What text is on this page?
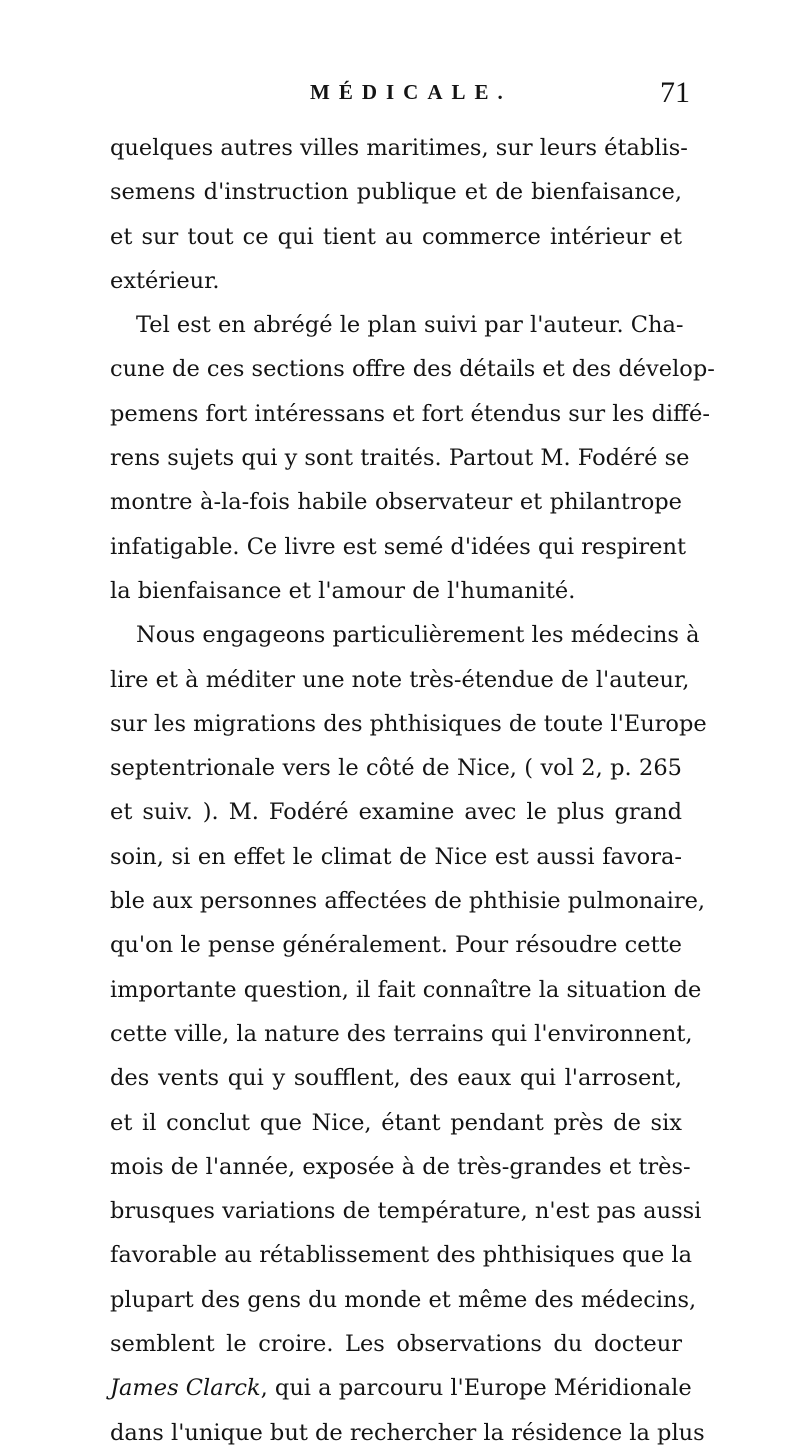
MÉDICALE.	71
quelques autres villes maritimes, sur leurs établis-
semens d'instruction publique et de bienfaisance,
et sur tout ce qui tient au commerce intérieur et
extérieur.
Tel est en abrégé le plan suivi par l'auteur. Cha-
cune de ces sections offre des détails et des dévelop-
pemens fort intéressans et fort étendus sur les diffé-
rens sujets qui y sont traités. Partout M. Fodéré se
montre à-la-fois habile observateur et philantrope
infatigable. Ce livre est semé d'idées qui respirent
la bienfaisance et l'amour de l'humanité.
Nous engageons particulièrement les médecins à
lire et à méditer une note très-étendue de l'auteur,
sur les migrations des phthisiques de toute l'Europe
septentrionale vers le côté de Nice, ( vol 2, p. 265
et suiv. ). M. Fodéré examine avec le plus grand
soin, si en effet le climat de Nice est aussi favora-
ble aux personnes affectées de phthisie pulmonaire,
qu'on le pense généralement. Pour résoudre cette
importante question, il fait connaître la situation de
cette ville, la nature des terrains qui l'environnent,
des vents qui y soufflent, des eaux qui l'arrosent,
et il conclut que Nice, étant pendant près de six
mois de l'année, exposée à de très-grandes et très-
brusques variations de température, n'est pas aussi
favorable au rétablissement des phthisiques que la
plupart des gens du monde et même des médecins,
semblent le croire. Les observations du docteur
James Clarck, qui a parcouru l'Europe Méridionale
dans l'unique but de rechercher la résidence la plus
